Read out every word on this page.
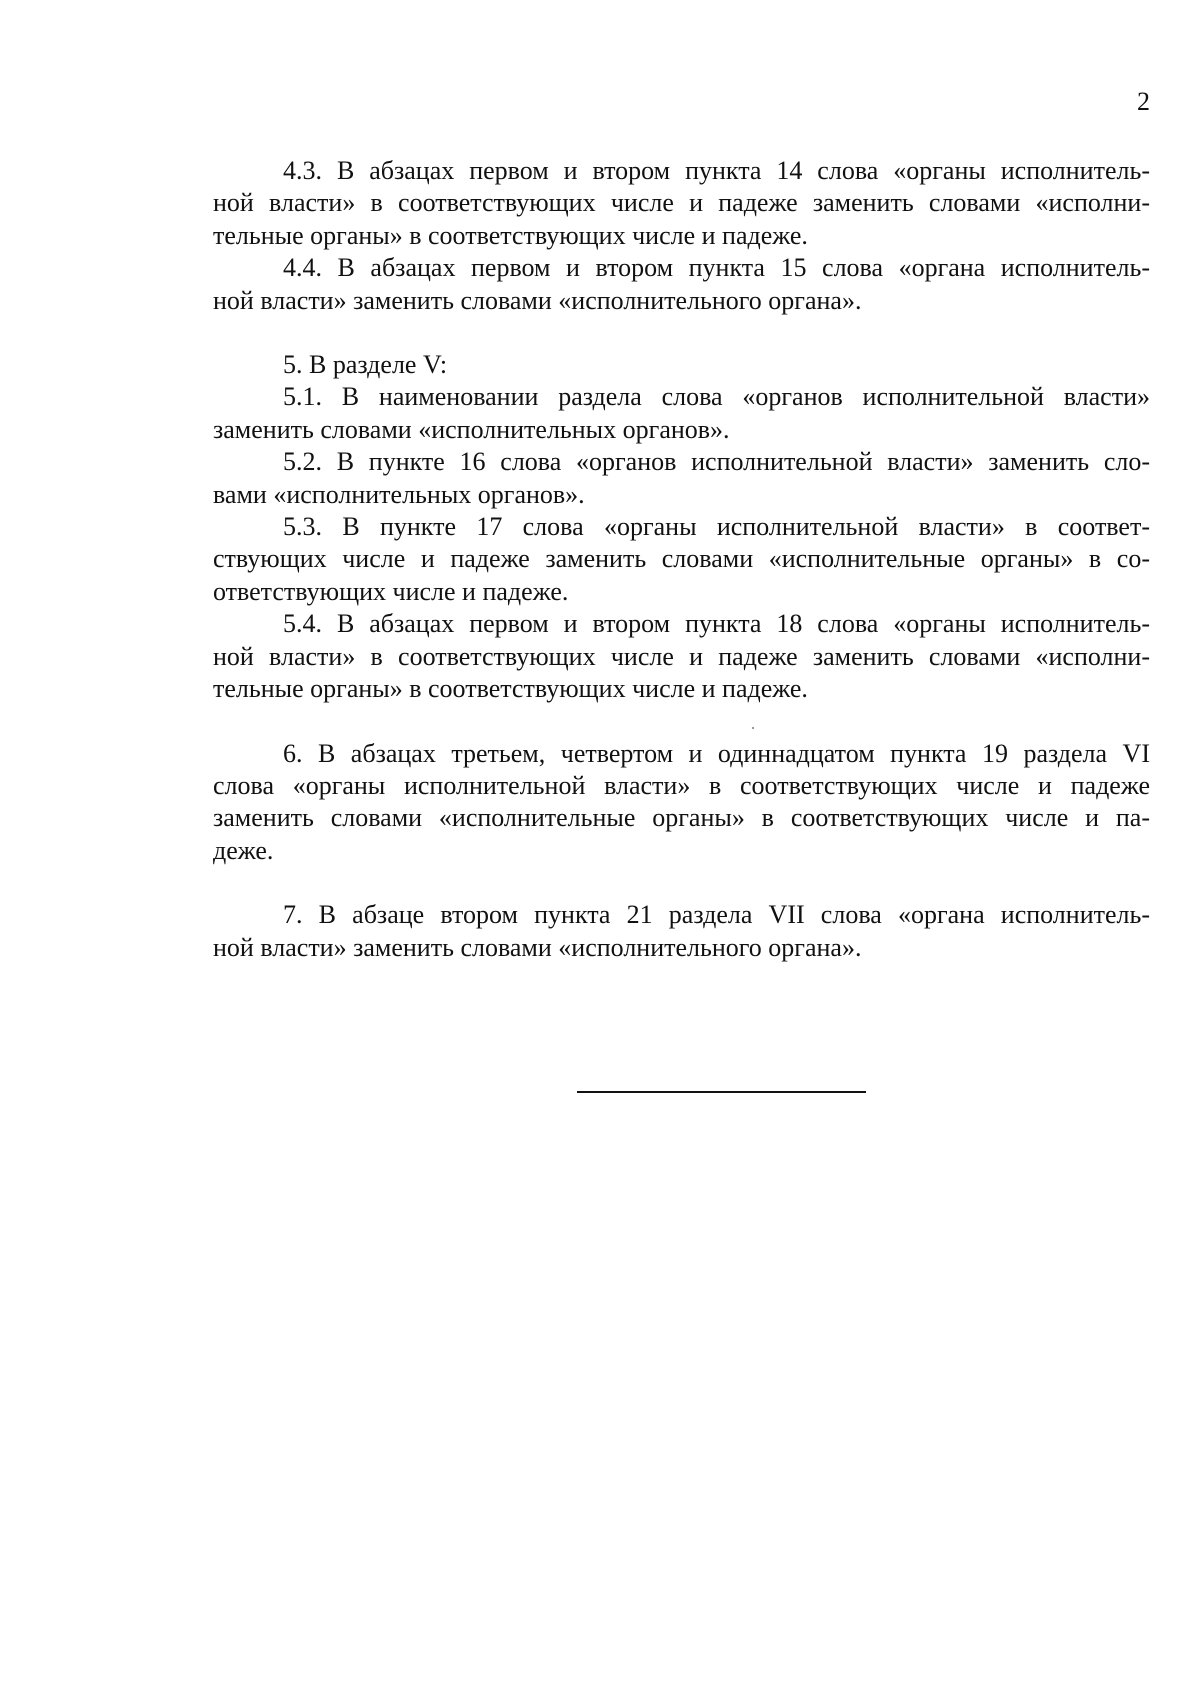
2
4.3. В абзацах первом и втором пункта 14 слова «органы исполнитель-
ной власти» в соответствующих числе и падеже заменить словами «исполни-
тельные органы» в соответствующих числе и падеже.
4.4. В абзацах первом и втором пункта 15 слова «органа исполнитель-
ной власти» заменить словами «исполнительного органа».
5. В разделе V:
5.1. В наименовании раздела слова «органов исполнительной власти»
заменить словами «исполнительных органов».
5.2. В пункте 16 слова «органов исполнительной власти» заменить сло-
вами «исполнительных органов».
5.3. В пункте 17 слова «органы исполнительной власти» в соответ-
ствующих числе и падеже заменить словами «исполнительные органы» в со-
ответствующих числе и падеже.
5.4. В абзацах первом и втором пункта 18 слова «органы исполнитель-
ной власти» в соответствующих числе и падеже заменить словами «исполни-
тельные органы» в соответствующих числе и падеже.
6. В абзацах третьем, четвертом и одиннадцатом пункта 19 раздела VI
слова «органы исполнительной власти» в соответствующих числе и падеже
заменить словами «исполнительные органы» в соответствующих числе и па-
деже.
7. В абзаце втором пункта 21 раздела VII слова «органа исполнитель-
ной власти» заменить словами «исполнительного органа».
